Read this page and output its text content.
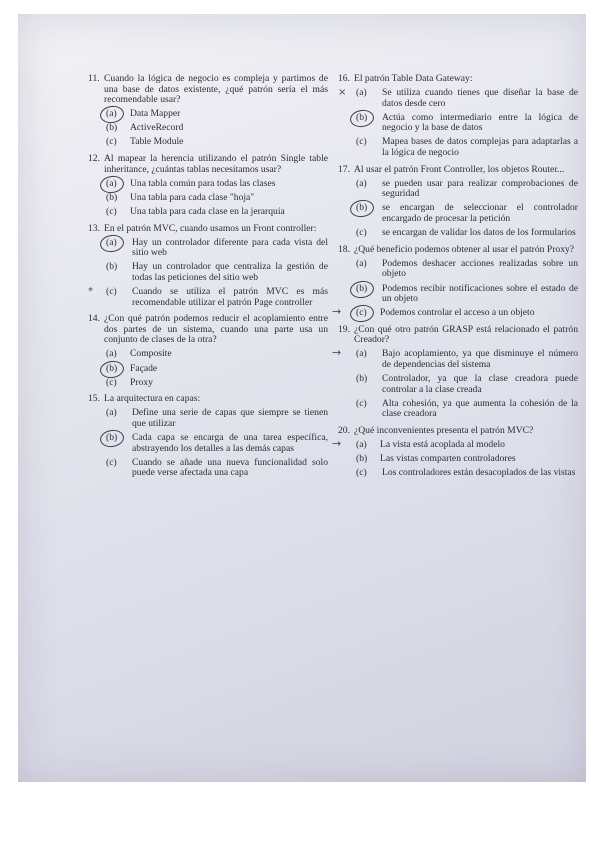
11. Cuando la lógica de negocio es compleja y partimos de una base de datos existente, ¿qué patrón sería el más recomendable usar?
(a)	Data Mapper
(b)	ActiveRecord
(c)	Table Module
12. Al mapear la herencia utilizando el patrón Single table inheritance, ¿cuántas tablas necesitamos usar?
(a)	Una tabla común para todas las clases
(b)	Una tabla para cada clase "hoja"
(c)	Una tabla para cada clase en la jerarquía
13. En el patrón MVC, cuando usamos un Front controller:
(a)	Hay un controlador diferente para cada vista del sitio web
(b)	Hay un controlador que centraliza la gestión de todas las peticiones del sitio web
(c)
*	Cuando se utiliza el patrón MVC es más recomendable utilizar el patrón Page controller
14. ¿Con qué patrón podemos reducir el acoplamiento entre dos partes de un sistema, cuando una parte usa un conjunto de clases de la otra?
(a)	Composite
(b)	Façade
(c)	Proxy
15. La arquitectura en capas:
(a)	Define una serie de capas que siempre se tienen que utilizar
(b)	Cada capa se encarga de una tarea específica, abstrayendo los detalles a las demás capas
(c)	Cuando se añade una nueva funcionalidad solo puede verse afectada una capa
16. El patrón Table Data Gateway:
(a)
×	Se utiliza cuando tienes que diseñar la base de datos desde cero
(b)	Actúa como intermediario entre la lógica de negocio y la base de datos
(c)	Mapea bases de datos complejas para adaptarlas a la lógica de negocio
17. Al usar el patrón Front Controller, los objetos Router...
(a)	se pueden usar para realizar comprobaciones de seguridad
(b)	se encargan de seleccionar el controlador encargado de procesar la petición
(c)	se encargan de validar los datos de los formularios
18. ¿Qué beneficio podemos obtener al usar el patrón Proxy?
(a)	Podemos deshacer acciones realizadas sobre un objeto
(b)	Podemos recibir notificaciones sobre el estado de un objeto
(c)
→	Podemos controlar el acceso a un objeto
19. ¿Con qué otro patrón GRASP está relacionado el patrón Creador?
(a)
→	Bajo acoplamiento, ya que disminuye el número de dependencias del sistema
(b)	Controlador, ya que la clase creadora puede controlar a la clase creada
(c)	Alta cohesión, ya que aumenta la cohesión de la clase creadora
20. ¿Qué inconvenientes presenta el patrón MVC?
(a)
→	La vista está acoplada al modelo
(b)	Las vistas comparten controladores
(c)	Los controladores están desacoplados de las vistas
